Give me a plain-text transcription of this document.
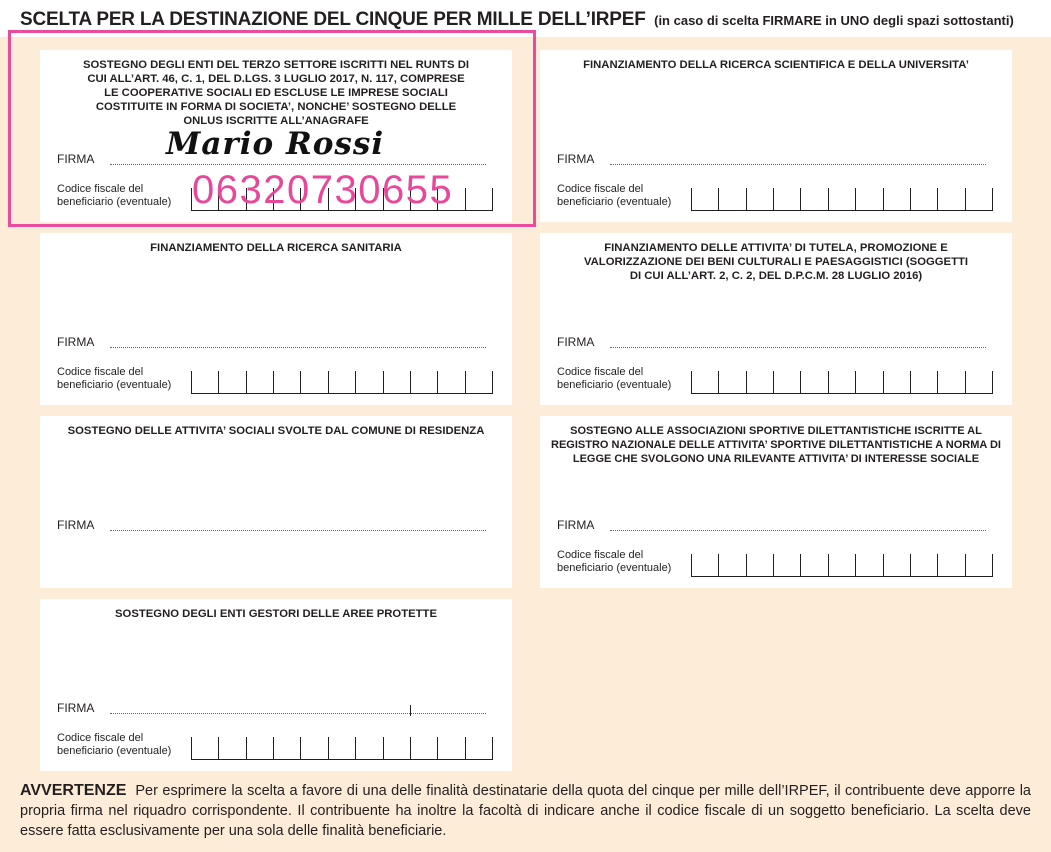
SCELTA PER LA DESTINAZIONE DEL CINQUE PER MILLE DELL’IRPEF (in caso di scelta FIRMARE in UNO degli spazi sottostanti)
SOSTEGNO DEGLI ENTI DEL TERZO SETTORE ISCRITTI NEL RUNTS DI CUI ALL’ART. 46, C. 1, DEL D.LGS. 3 LUGLIO 2017, N. 117, COMPRESE LE COOPERATIVE SOCIALI ED ESCLUSE LE IMPRESE SOCIALI COSTITUITE IN FORMA DI SOCIETA’, NONCHE’ SOSTEGNO DELLE ONLUS ISCRITTE ALL’ANAGRAFE
FIRMA
Codice fiscale del
beneficiario (eventuale)
FINANZIAMENTO DELLA RICERCA SCIENTIFICA E DELLA UNIVERSITA’
FIRMA
Codice fiscale del
beneficiario (eventuale)
FINANZIAMENTO DELLA RICERCA SANITARIA
FIRMA
Codice fiscale del
beneficiario (eventuale)
FINANZIAMENTO DELLE ATTIVITA’ DI TUTELA, PROMOZIONE E VALORIZZAZIONE DEI BENI CULTURALI E PAESAGGISTICI (SOGGETTI DI CUI ALL’ART. 2, C. 2, DEL D.P.C.M. 28 LUGLIO 2016)
FIRMA
Codice fiscale del
beneficiario (eventuale)
SOSTEGNO DELLE ATTIVITA’ SOCIALI SVOLTE DAL COMUNE DI RESIDENZA
FIRMA
SOSTEGNO ALLE ASSOCIAZIONI SPORTIVE DILETTANTISTICHE ISCRITTE AL REGISTRO NAZIONALE DELLE ATTIVITA’ SPORTIVE DILETTANTISTICHE A NORMA DI LEGGE CHE SVOLGONO UNA RILEVANTE ATTIVITA’ DI INTERESSE SOCIALE
FIRMA
Codice fiscale del
beneficiario (eventuale)
SOSTEGNO DEGLI ENTI GESTORI DELLE AREE PROTETTE
FIRMA
Codice fiscale del
beneficiario (eventuale)
Mario Rossi
06320730655
AVVERTENZE Per esprimere la scelta a favore di una delle finalità destinatarie della quota del cinque per mille dell’IRPEF, il contribuente deve apporre la propria firma nel riquadro corrispondente. Il contribuente ha inoltre la facoltà di indicare anche il codice fiscale di un soggetto beneficiario. La scelta deve essere fatta esclusivamente per una sola delle finalità beneficiarie.
